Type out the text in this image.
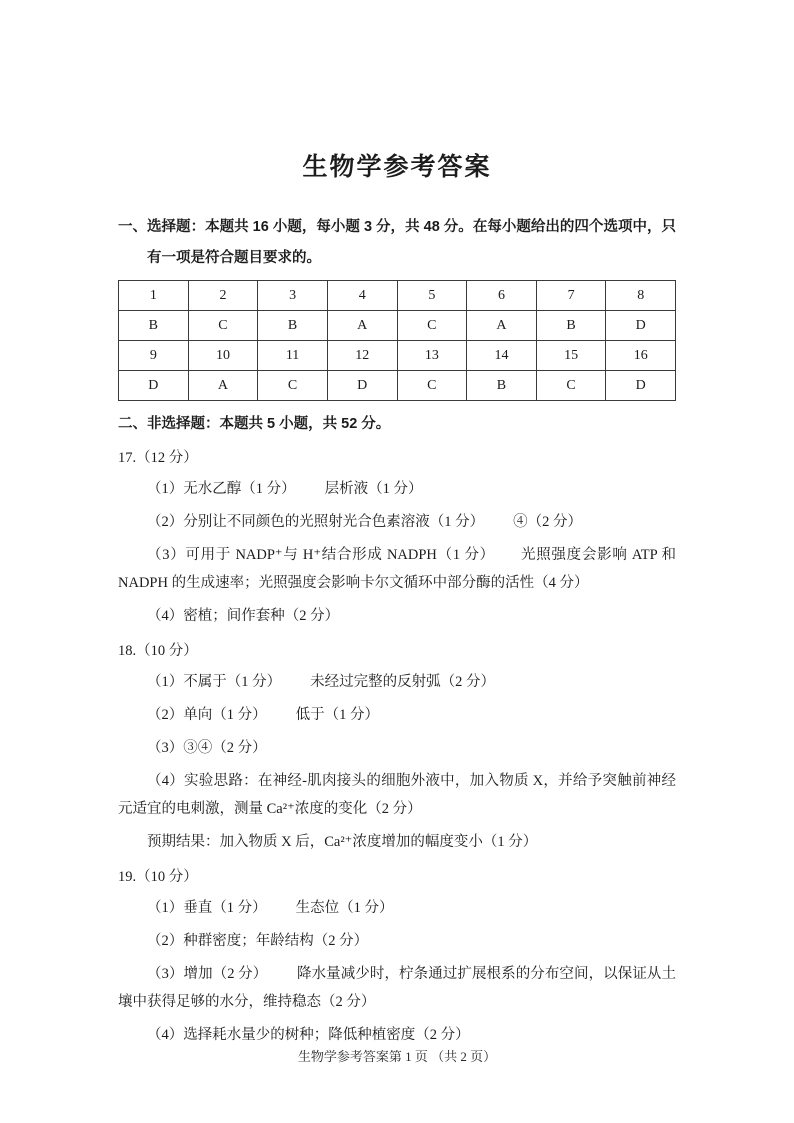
生物学参考答案

一、选择题：本题共 16 小题，每小题 3 分，共 48 分。在每小题给出的四个选项中，只有一项是符合题目要求的。

1	2	3	4	5	6	7	8
B	C	B	A	C	A	B	D
9	10	11	12	13	14	15	16
D	A	C	D	C	B	C	D

二、非选择题：本题共 5 小题，共 52 分。

17.（12 分）

（1）无水乙醇（1 分）        层析液（1 分）

（2）分别让不同颜色的光照射光合色素溶液（1 分）        ④（2 分）

（3）可用于 NADP⁺与 H⁺结合形成 NADPH（1 分）      光照强度会影响 ATP 和 NADPH 的生成速率；光照强度会影响卡尔文循环中部分酶的活性（4 分）

（4）密植；间作套种（2 分）

18.（10 分）

（1）不属于（1 分）        未经过完整的反射弧（2 分）

（2）单向（1 分）        低于（1 分）

（3）③④（2 分）

（4）实验思路：在神经-肌肉接头的细胞外液中，加入物质 X，并给予突触前神经元适宜的电刺激，测量 Ca²⁺浓度的变化（2 分）

预期结果：加入物质 X 后，Ca²⁺浓度增加的幅度变小（1 分）

19.（10 分）

（1）垂直（1 分）        生态位（1 分）

（2）种群密度；年龄结构（2 分）

（3）增加（2 分）        降水量减少时，柠条通过扩展根系的分布空间，以保证从土壤中获得足够的水分，维持稳态（2 分）

（4）选择耗水量少的树种；降低种植密度（2 分）

生物学参考答案第 1 页 （共 2 页）
